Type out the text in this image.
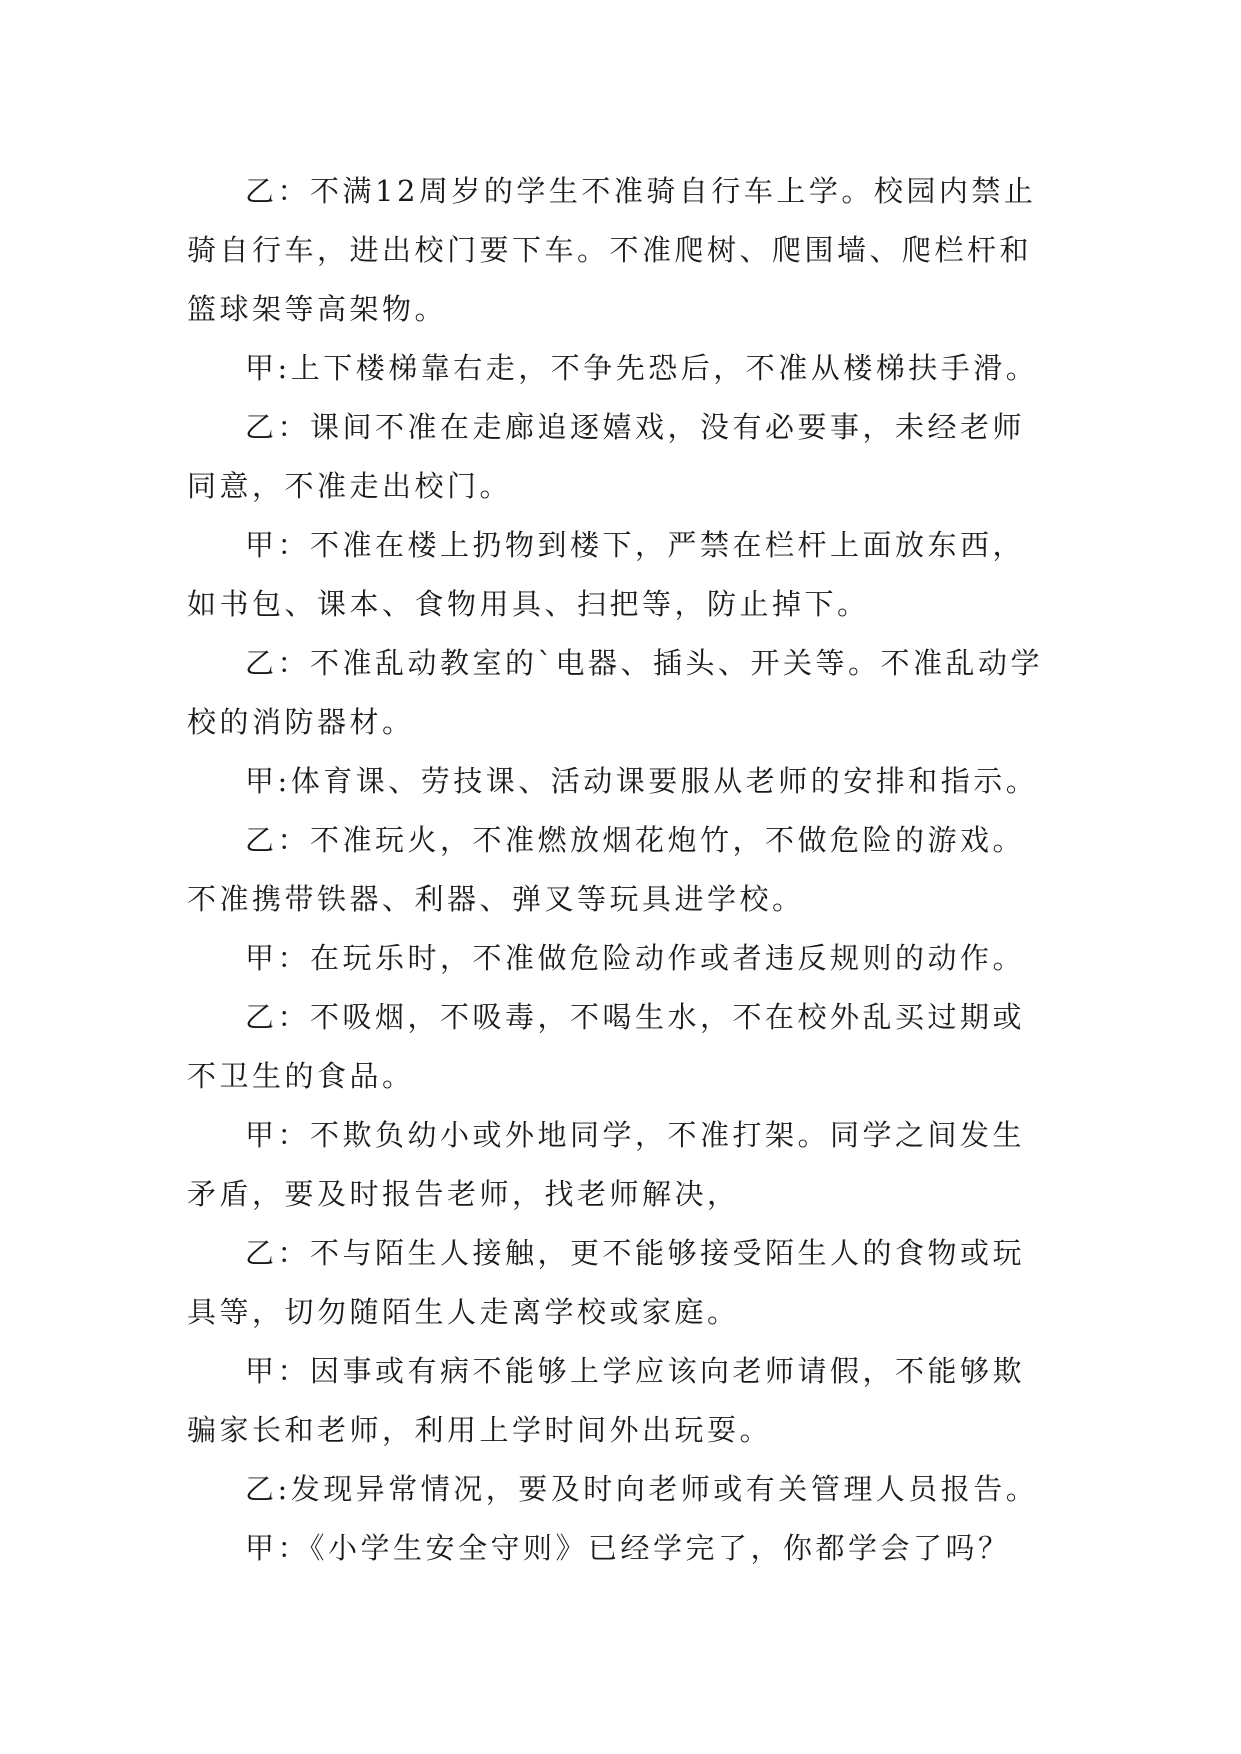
乙：不满12周岁的学生不准骑自行车上学。校园内禁止骑自行车，进出校门要下车。不准爬树、爬围墙、爬栏杆和篮球架等高架物。

甲:上下楼梯靠右走，不争先恐后，不准从楼梯扶手滑。

乙：课间不准在走廊追逐嬉戏，没有必要事，未经老师同意，不准走出校门。

甲：不准在楼上扔物到楼下，严禁在栏杆上面放东西，如书包、课本、食物用具、扫把等，防止掉下。

乙：不准乱动教室的`电器、插头、开关等。不准乱动学校的消防器材。

甲:体育课、劳技课、活动课要服从老师的安排和指示。

乙：不准玩火，不准燃放烟花炮竹，不做危险的游戏。不准携带铁器、利器、弹叉等玩具进学校。

甲：在玩乐时，不准做危险动作或者违反规则的动作。

乙：不吸烟，不吸毒，不喝生水，不在校外乱买过期或不卫生的食品。

甲：不欺负幼小或外地同学，不准打架。同学之间发生矛盾，要及时报告老师，找老师解决，

乙：不与陌生人接触，更不能够接受陌生人的食物或玩具等，切勿随陌生人走离学校或家庭。

甲：因事或有病不能够上学应该向老师请假，不能够欺骗家长和老师，利用上学时间外出玩耍。

乙:发现异常情况，要及时向老师或有关管理人员报告。

甲：《小学生安全守则》已经学完了，你都学会了吗？
